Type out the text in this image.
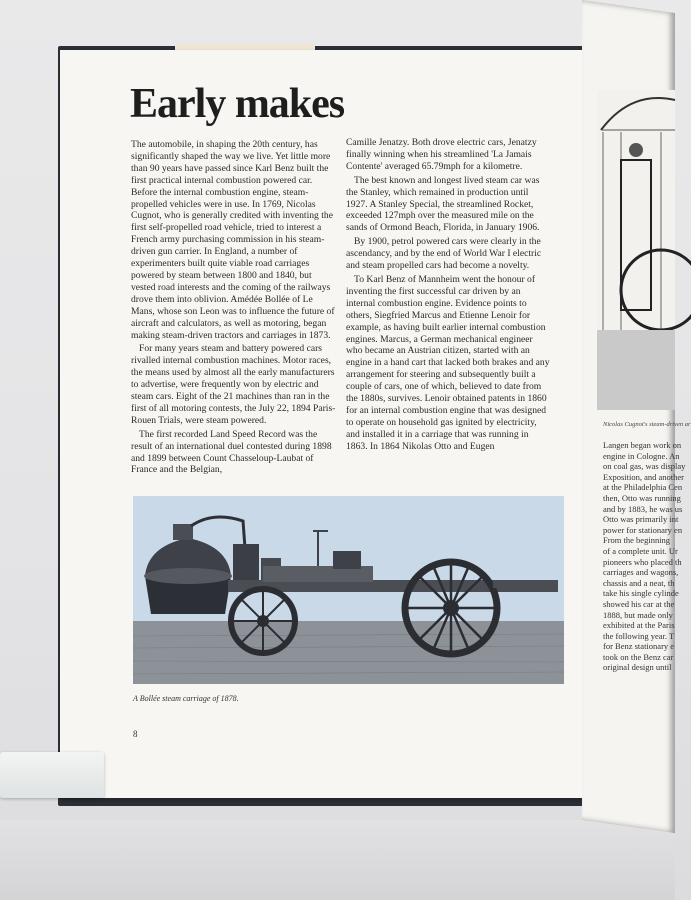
Early makes

The automobile, in shaping the 20th century, has significantly shaped the way we live. Yet little more than 90 years have passed since Karl Benz built the first practical internal combustion powered car. Before the internal combustion engine, steam-propelled vehicles were in use. In 1769, Nicolas Cugnot, who is generally credited with inventing the first self-propelled road vehicle, tried to interest a French army purchasing commission in his steam-driven gun carrier. In England, a number of experimenters built quite viable road carriages powered by steam between 1800 and 1840, but vested road interests and the coming of the railways drove them into oblivion. Amédée Bollée of Le Mans, whose son Leon was to influence the future of aircraft and calculators, as well as motoring, began making steam-driven tractors and carriages in 1873.

For many years steam and battery powered cars rivalled internal combustion machines. Motor races, the means used by almost all the early manufacturers to advertise, were frequently won by electric and steam cars. Eight of the 21 machines than ran in the first of all motoring contests, the July 22, 1894 Paris-Rouen Trials, were steam powered.

The first recorded Land Speed Record was the result of an international duel contested during 1898 and 1899 between Count Chasseloup-Laubat of France and the Belgian,

Camille Jenatzy. Both drove electric cars, Jenatzy finally winning when his streamlined 'La Jamais Contente' averaged 65.79mph for a kilometre.

The best known and longest lived steam car was the Stanley, which remained in production until 1927. A Stanley Special, the streamlined Rocket, exceeded 127mph over the measured mile on the sands of Ormond Beach, Florida, in January 1906.

By 1900, petrol powered cars were clearly in the ascendancy, and by the end of World War I electric and steam propelled cars had become a novelty.

To Karl Benz of Mannheim went the honour of inventing the first successful car driven by an internal combustion engine. Evidence points to others, Siegfried Marcus and Etienne Lenoir for example, as having built earlier internal combustion engines. Marcus, a German mechanical engineer who became an Austrian citizen, started with an engine in a hand cart that lacked both brakes and any arrangement for steering and subsequently built a couple of cars, one of which, believed to date from the 1880s, survives. Lenoir obtained patents in 1860 for an internal combustion engine that was designed to operate on household gas ignited by electricity, and installed it in a carriage that was running in 1863. In 1864 Nikolas Otto and Eugen

A Bollée steam carriage of 1878.
8
Nicolas Cugnot's steam-driven ar
Langen began work on
engine in Cologne. An
on coal gas, was display
Exposition, and another
at the Philadelphia Cen
then, Otto was running
and by 1883, he was us
Otto was primarily int
power for stationary en
From the beginning
of a complete unit. Ur
pioneers who placed th
carriages and wagons,
chassis and a neat, th
take his single cylinde
showed his car at the
1888, but made only
exhibited at the Paris
the following year. T
for Benz stationary e
took on the Benz car
original design until
